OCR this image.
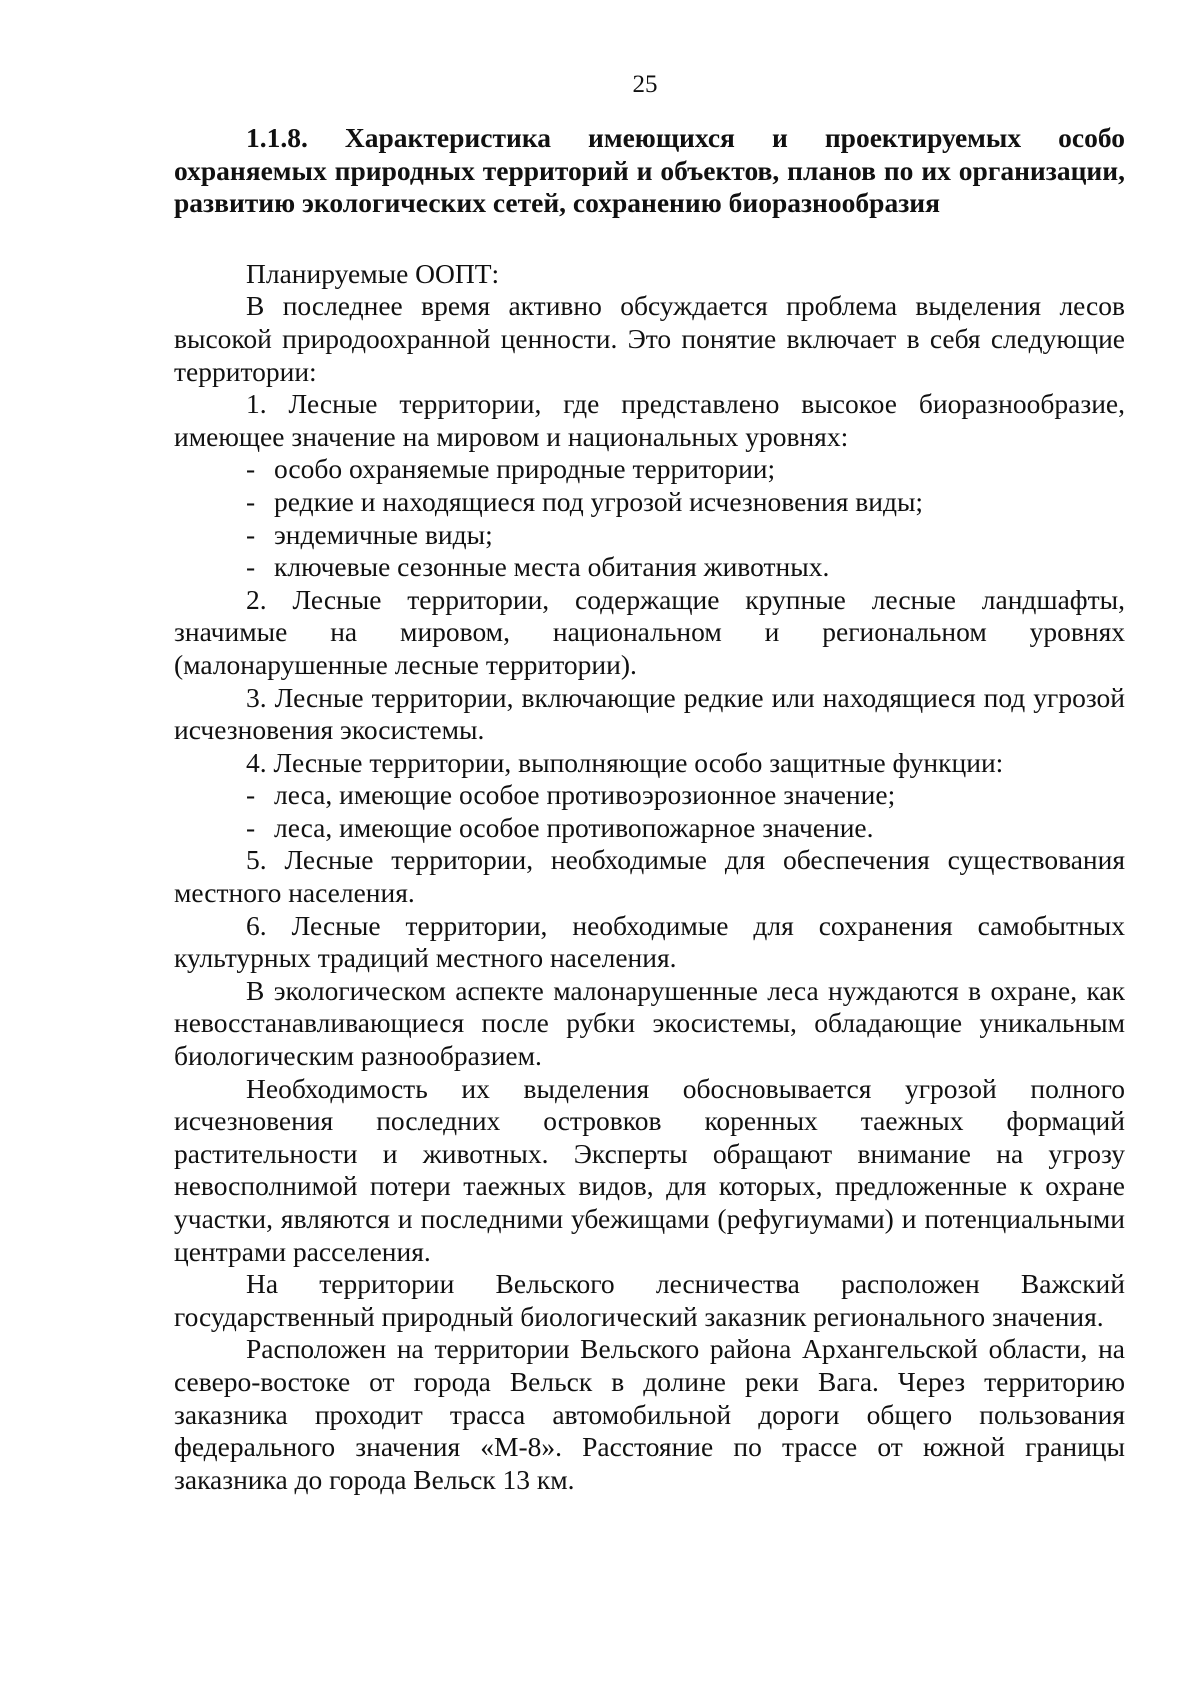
25

1.1.8. Характеристика имеющихся и проектируемых особо охраняемых природных территорий и объектов, планов по их организации, развитию экологических сетей, сохранению биоразнообразия

Планируемые ООПТ:

В последнее время активно обсуждается проблема выделения лесов высокой природоохранной ценности. Это понятие включает в себя следующие территории:

1. Лесные территории, где представлено высокое биоразнообразие, имеющее значение на мировом и национальных уровнях:

- особо охраняемые природные территории;

- редкие и находящиеся под угрозой исчезновения виды;

- эндемичные виды;

- ключевые сезонные места обитания животных.

2. Лесные территории, содержащие крупные лесные ландшафты, значимые на мировом, национальном и региональном уровнях (малонарушенные лесные территории).

3. Лесные территории, включающие редкие или находящиеся под угрозой исчезновения экосистемы.

4. Лесные территории, выполняющие особо защитные функции:

- леса, имеющие особое противоэрозионное значение;

- леса, имеющие особое противопожарное значение.

5. Лесные территории, необходимые для обеспечения существования местного населения.

6. Лесные территории, необходимые для сохранения самобытных культурных традиций местного населения.

В экологическом аспекте малонарушенные леса нуждаются в охране, как невосстанавливающиеся после рубки экосистемы, обладающие уникальным биологическим разнообразием.

Необходимость их выделения обосновывается угрозой полного исчезновения последних островков коренных таежных формаций растительности и животных. Эксперты обращают внимание на угрозу невосполнимой потери таежных видов, для которых, предложенные к охране участки, являются и последними убежищами (рефугиумами) и потенциальными центрами расселения.

На территории Вельского лесничества расположен Важский государственный природный биологический заказник регионального значения.

Расположен на территории Вельского района Архангельской области, на северо-востоке от города Вельск в долине реки Вага. Через территорию заказника проходит трасса автомобильной дороги общего пользования федерального значения «М-8». Расстояние по трассе от южной границы заказника до города Вельск 13 км.
